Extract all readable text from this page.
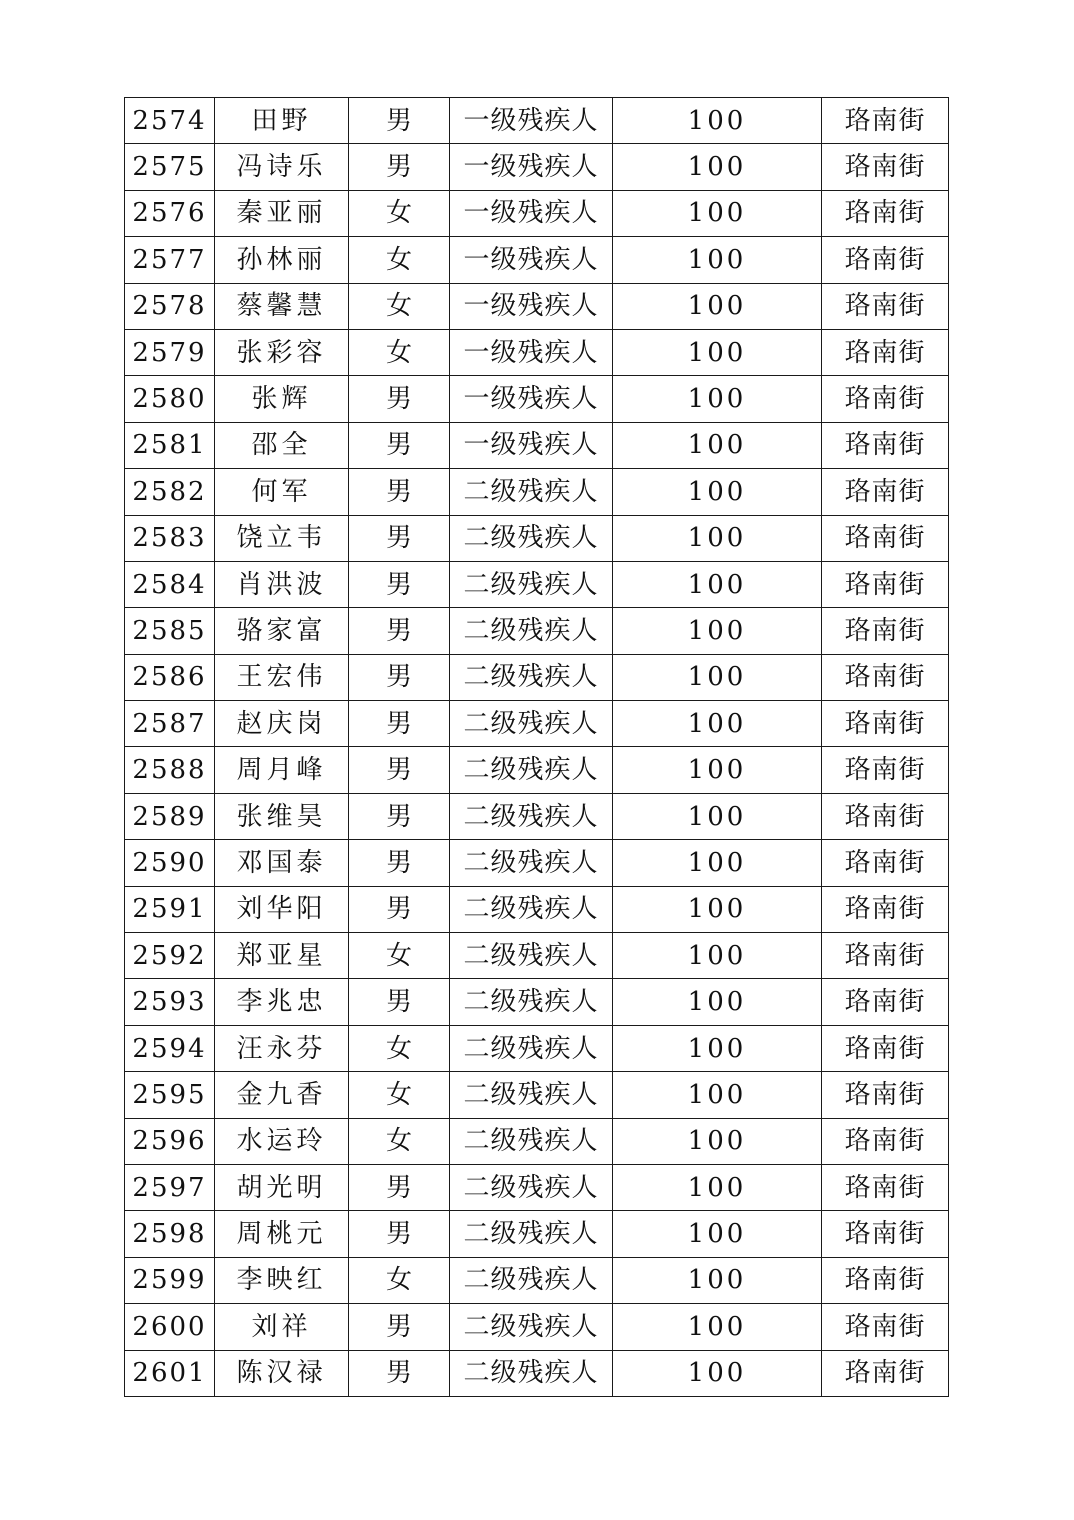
2574	田野	男	一级残疾人	100	珞南街
2575	冯诗乐	男	一级残疾人	100	珞南街
2576	秦亚丽	女	一级残疾人	100	珞南街
2577	孙林丽	女	一级残疾人	100	珞南街
2578	蔡馨慧	女	一级残疾人	100	珞南街
2579	张彩容	女	一级残疾人	100	珞南街
2580	张辉	男	一级残疾人	100	珞南街
2581	邵全	男	一级残疾人	100	珞南街
2582	何军	男	二级残疾人	100	珞南街
2583	饶立韦	男	二级残疾人	100	珞南街
2584	肖洪波	男	二级残疾人	100	珞南街
2585	骆家富	男	二级残疾人	100	珞南街
2586	王宏伟	男	二级残疾人	100	珞南街
2587	赵庆岗	男	二级残疾人	100	珞南街
2588	周月峰	男	二级残疾人	100	珞南街
2589	张维昊	男	二级残疾人	100	珞南街
2590	邓国泰	男	二级残疾人	100	珞南街
2591	刘华阳	男	二级残疾人	100	珞南街
2592	郑亚星	女	二级残疾人	100	珞南街
2593	李兆忠	男	二级残疾人	100	珞南街
2594	汪永芬	女	二级残疾人	100	珞南街
2595	金九香	女	二级残疾人	100	珞南街
2596	水运玲	女	二级残疾人	100	珞南街
2597	胡光明	男	二级残疾人	100	珞南街
2598	周桃元	男	二级残疾人	100	珞南街
2599	李映红	女	二级残疾人	100	珞南街
2600	刘祥	男	二级残疾人	100	珞南街
2601	陈汉禄	男	二级残疾人	100	珞南街
